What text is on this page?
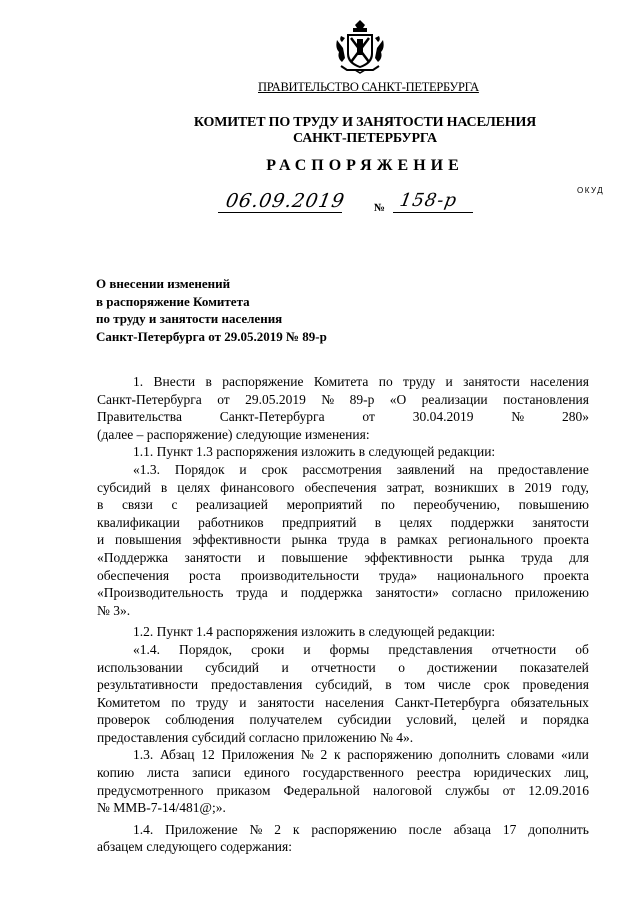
ПРАВИТЕЛЬСТВО САНКТ-ПЕТЕРБУРГА
КОМИТЕТ ПО ТРУДУ И ЗАНЯТОСТИ НАСЕЛЕНИЯ
САНКТ-ПЕТЕРБУРГА
РАСПОРЯЖЕНИЕ
ОКУД
06.09.2019 № 158-р
О внесении изменений
в распоряжение Комитета
по труду и занятости населения
Санкт-Петербурга от 29.05.2019 № 89-р
1. Внести в распоряжение Комитета по труду и занятости населения
Санкт-Петербурга от 29.05.2019 № 89-р «О реализации постановления
Правительства	Санкт-Петербурга	от	30.04.2019	№	280»
(далее – распоряжение) следующие изменения:
1.1. Пункт 1.3 распоряжения изложить в следующей редакции:
«1.3. Порядок и срок рассмотрения заявлений на предоставление
субсидий в целях финансового обеспечения затрат, возникших в 2019 году,
в связи с реализацией мероприятий по переобучению, повышению
квалификации работников предприятий в целях поддержки занятости
и повышения эффективности рынка труда в рамках регионального проекта
«Поддержка занятости и повышение эффективности рынка труда для
обеспечения роста производительности труда» национального проекта
«Производительность труда и поддержка занятости» согласно приложению
№ 3».
1.2. Пункт 1.4 распоряжения изложить в следующей редакции:
«1.4. Порядок, сроки и формы представления отчетности об
использовании субсидий и отчетности о достижении показателей
результативности предоставления субсидий, в том числе срок проведения
Комитетом по труду и занятости населения Санкт-Петербурга обязательных
проверок соблюдения получателем субсидии условий, целей и порядка
предоставления субсидий согласно приложению № 4».
1.3. Абзац 12 Приложения № 2 к распоряжению дополнить словами «или
копию листа записи единого государственного реестра юридических лиц,
предусмотренного приказом Федеральной налоговой службы от 12.09.2016
№ ММВ-7-14/481@;».
1.4. Приложение № 2 к распоряжению после абзаца 17 дополнить
абзацем следующего содержания:
